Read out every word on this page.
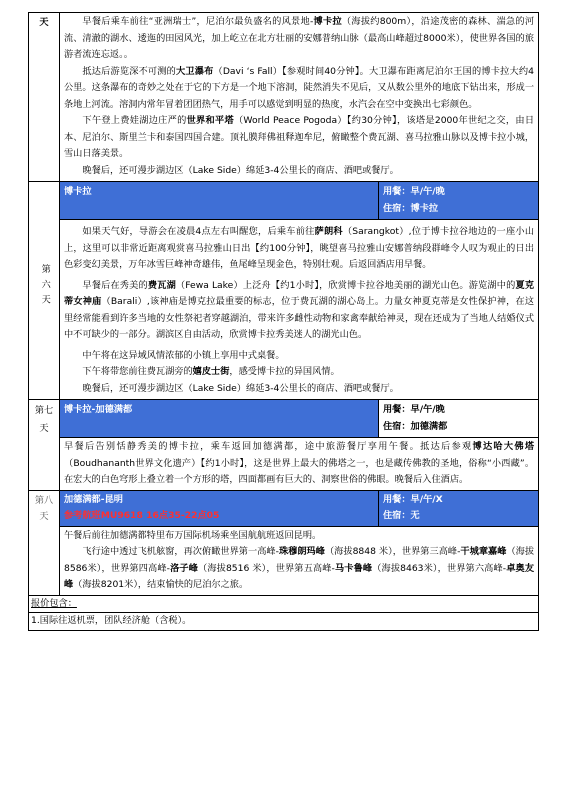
天	早餐后乘车前往“亚洲瑞士”，尼泊尔最负盛名的风景地-博卡拉（海拔约800m），沿途茂密的森林、湍急的河流、清澈的湖水、逶迤的田园风光，加上屹立在北方壮丽的安娜普纳山脉（最高山峰超过8000米），使世界各国的旅游者流连忘返。。

抵达后游览深不可测的大卫瀑布（Davi ‘s Fall）【参观时间40分钟】。大卫瀑布距离尼泊尔王国的博卡拉大约4公里。这条瀑布的奇妙之处在于它的下方是一个地下溶洞，陡然消失不见后，又从数公里外的地底下钻出来，形成一条地上河流。溶洞内常年冒着团团热气，用手可以感觉到明显的热度，水汽会在空中变换出七彩颜色。

下午登上费娃湖边庄严的世界和平塔（World Peace Pogoda）【约30分钟】，该塔是2000年世纪之交，由日本、尼泊尔、斯里兰卡和泰国四国合建。顶礼膜拜佛祖释迦牟尼，俯瞰整个费瓦湖、喜马拉雅山脉以及博卡拉小城，雪山日落美景。

晚餐后，还可漫步湖边区（Lake Side）绵延3-4公里长的商店、酒吧或餐厅。	

第六天	博卡拉	用餐：早/午/晚
住宿：博卡拉

	如果天气好，导游会在凌晨4点左右叫醒您，后乘车前往萨朗科（Sarangkot）,位于博卡拉谷地边的一座小山上，这里可以非常近距离观赏喜马拉雅山日出【约100分钟】，眺望喜马拉雅山安娜普纳段群峰令人叹为观止的日出色彩变幻美景，万年冰雪巨峰神奇雄伟，鱼尾峰呈现金色，特别壮观。后返回酒店用早餐。

早餐后在秀美的费瓦湖（Fewa Lake）上泛舟【约1小时】，欣赏博卡拉谷地美丽的湖光山色。游览湖中的夏克蒂女神庙（Barali）,该神庙是博克拉最重要的标志，位于费瓦湖的湖心岛上。力量女神夏克蒂是女性保护神，在这里经常能看到许多当地的女性祭祀者穿越湖泊，带来许多雌性动物和家禽奉献给神灵，现在还成为了当地人结婚仪式中不可缺少的一部分。湖滨区自由活动，欣赏博卡拉秀美迷人的湖光山色。

中午将在这异域风情浓郁的小镇上享用中式桌餐。

下午将带您前往费瓦湖旁的嬉皮士街，感受博卡拉的异国风情。

晚餐后，还可漫步湖边区（Lake Side）绵延3-4公里长的商店、酒吧或餐厅。	

第七天	博卡拉-加德满都	用餐：早/午/晚
住宿：加德满都

	早餐后告别恬静秀美的博卡拉，乘车返回加德满都，途中旅游餐厅享用午餐。抵达后参观博达哈大佛塔（Boudhananth世界文化遗产）【约1小时】，这是世界上最大的佛塔之一，也是藏传佛教的圣地，俗称“小西藏”。在宏大的白色穹形上叠立着一个方形的塔，四面都画有巨大的、洞察世俗的佛眼。晚餐后入住酒店。	

第八天	加德满都-昆明
参考航班MU9618 16点35-22点05	用餐：早/午/X
住宿：无

	午餐后前往加德满都特里布万国际机场乘坐国航航班返回昆明。

飞行途中透过飞机舷窗，再次俯瞰世界第一高峰-珠穆朗玛峰（海拔8848 米），世界第三高峰-干城章嘉峰（海拔8586米），世界第四高峰-洛子峰（海拔8516 米），世界第五高峰-马卡鲁峰（海拔8463米），世界第六高峰-卓奥友峰（海拔8201米），结束愉快的尼泊尔之旅。	

报价包含：		
1.国际往返机票，团队经济舱（含税）。		
